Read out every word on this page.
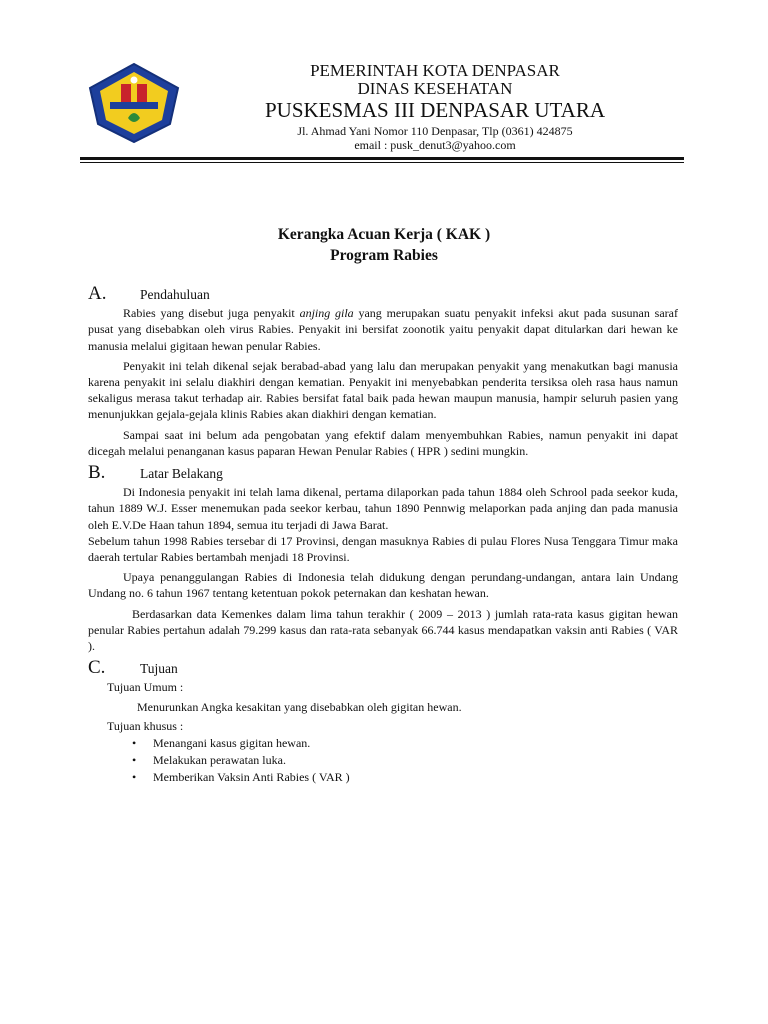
PEMERINTAH KOTA DENPASAR
DINAS KESEHATAN
PUSKESMAS III DENPASAR UTARA
Jl. Ahmad Yani Nomor 110 Denpasar, Tlp (0361) 424875
email : pusk_denut3@yahoo.com
Kerangka Acuan Kerja ( KAK )
Program Rabies
A.	Pendahuluan

Rabies yang disebut juga penyakit anjing gila yang merupakan suatu penyakit infeksi akut pada susunan saraf pusat yang disebabkan oleh virus Rabies. Penyakit ini bersifat zoonotik yaitu penyakit dapat ditularkan dari hewan ke manusia melalui gigitaan hewan penular Rabies.

Penyakit ini telah dikenal sejak berabad-abad yang lalu dan merupakan penyakit yang menakutkan bagi manusia karena penyakit ini selalu diakhiri dengan kematian. Penyakit ini menyebabkan penderita tersiksa oleh rasa haus namun sekaligus merasa takut terhadap air. Rabies bersifat fatal baik pada hewan maupun manusia, hampir seluruh pasien yang menunjukkan gejala-gejala klinis Rabies akan diakhiri dengan kematian.

Sampai saat ini belum ada pengobatan yang efektif dalam menyembuhkan Rabies, namun penyakit ini dapat dicegah melalui penanganan kasus paparan Hewan Penular Rabies ( HPR ) sedini mungkin.

B.	Latar Belakang

Di Indonesia penyakit ini telah lama dikenal, pertama dilaporkan pada tahun 1884 oleh Schrool pada seekor kuda, tahun 1889 W.J. Esser menemukan pada seekor kerbau, tahun 1890 Pennwig melaporkan pada anjing dan pada manusia oleh E.V.De Haan tahun 1894, semua itu terjadi di Jawa Barat.

Sebelum tahun 1998 Rabies tersebar di 17 Provinsi, dengan masuknya Rabies di pulau Flores Nusa Tenggara Timur maka daerah tertular Rabies bertambah menjadi 18 Provinsi.

Upaya penanggulangan Rabies di Indonesia telah didukung dengan perundang-undangan, antara lain Undang Undang no. 6 tahun 1967 tentang ketentuan pokok peternakan dan keshatan hewan.

Berdasarkan data Kemenkes dalam lima tahun terakhir ( 2009 – 2013 ) jumlah rata-rata kasus gigitan hewan penular Rabies pertahun adalah 79.299 kasus dan rata-rata sebanyak 66.744 kasus mendapatkan vaksin anti Rabies ( VAR ).

C.	Tujuan
Tujuan Umum :
Menurunkan Angka kesakitan yang disebabkan oleh gigitan hewan.
Tujuan khusus :
• Menangani kasus gigitan hewan.
• Melakukan perawatan luka.
• Memberikan Vaksin Anti Rabies ( VAR )
